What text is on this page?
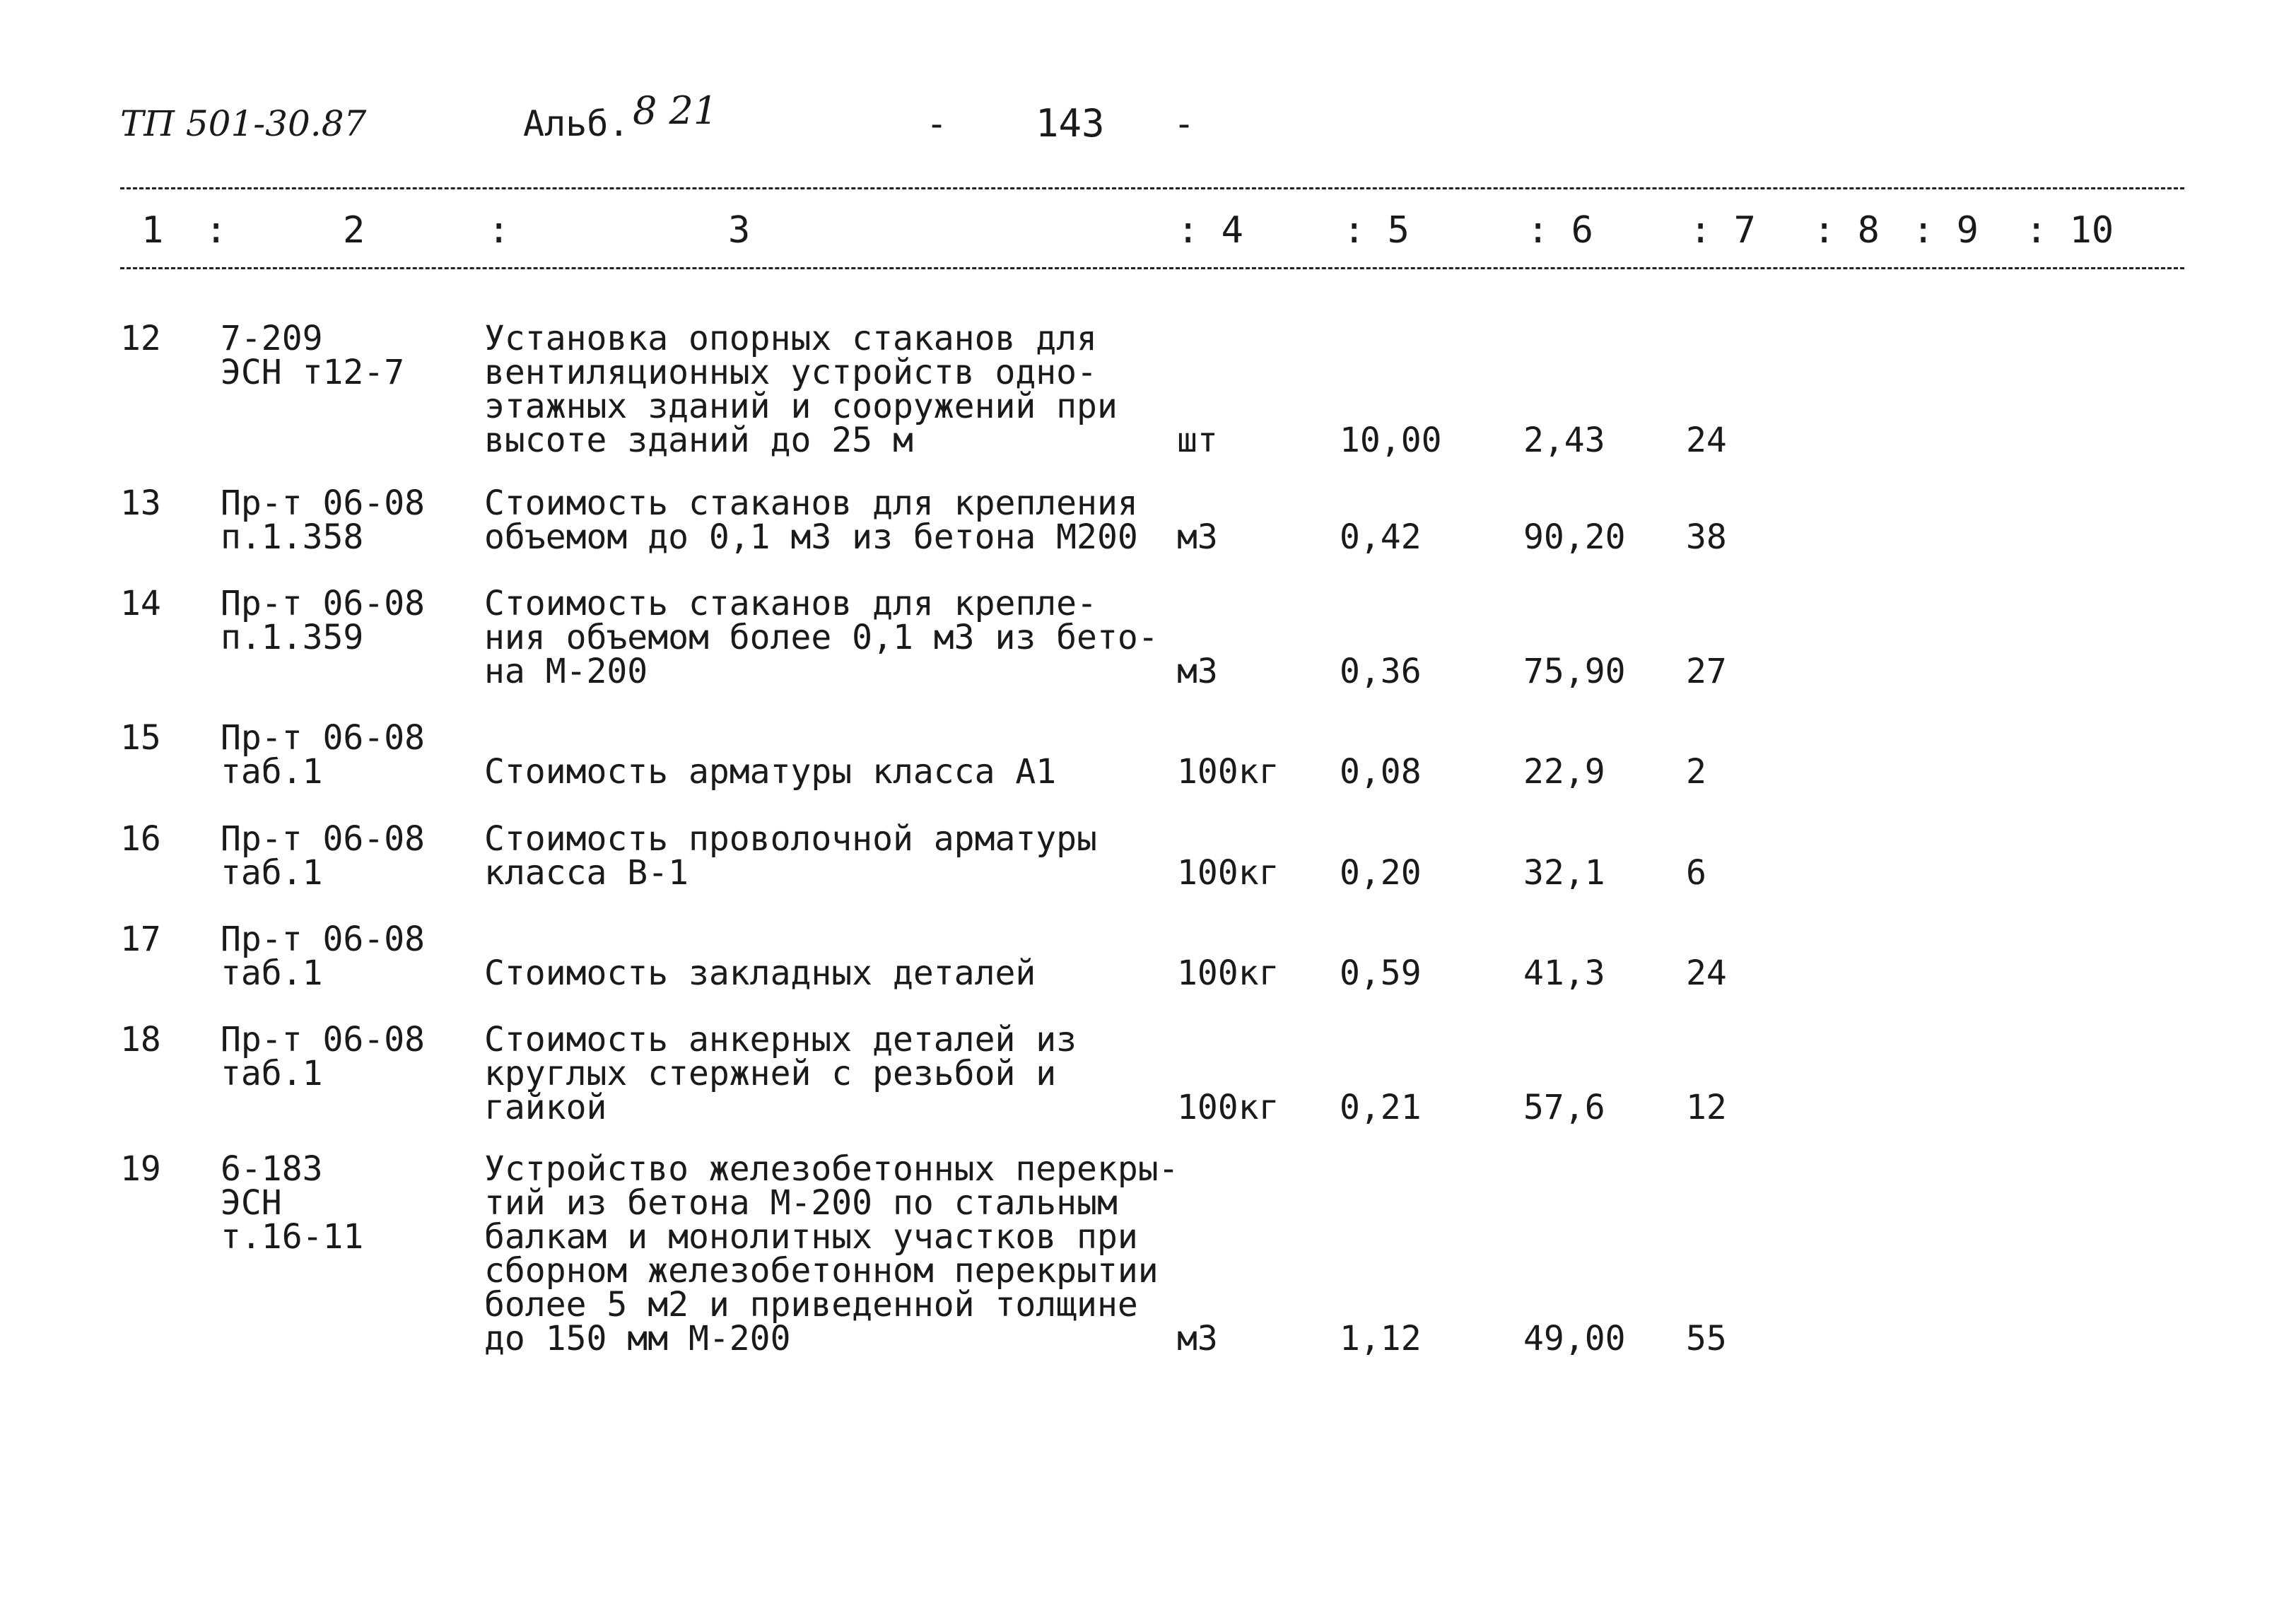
ТП 501-30.87	Альб. 8 21	- 143 -
1 :	2	:	3	: 4	: 5	: 6	: 7 : 8 : 9 : 10
12 7-209
ЭСН т12-7
Установка опорных стаканов для
вентиляционных устройств одно-
этажных зданий и сооружений при
высоте зданий до 25 м	шт	10,00 2,43 24
13 Пр-т 06-08
п.1.358
Стоимость стаканов для крепления
объемом до 0,1 м3 из бетона М200 м3	0,42	90,20 38
14 Пр-т 06-08
п.1.359
Стоимость стаканов для крепле-
ния объемом более 0,1 м3 из бето-
на М-200	м3	0,36	75,90 27
15 Пр-т 06-08
таб.1	Стоимость арматуры класса А1	100кг 0,08	22,9 2
16 Пр-т 06-08
таб.1
Стоимость проволочной арматуры
класса В-1	100кг 0,20	32,1 6
17 Пр-т 06-08
таб.1	Стоимость закладных деталей	100кг 0,59	41,3 24
18 Пр-т 06-08
таб.1
Стоимость анкерных деталей из
круглых стержней с резьбой и
гайкой	100кг 0,21	57,6 12
19 6-183
ЭСН
т.16-11
Устройство железобетонных перекры-
тий из бетона М-200 по стальным
балкам и монолитных участков при
сборном железобетонном перекрытии
более 5 м2 и приведенной толщине
до 150 мм М-200	м3	1,12	49,00 55
